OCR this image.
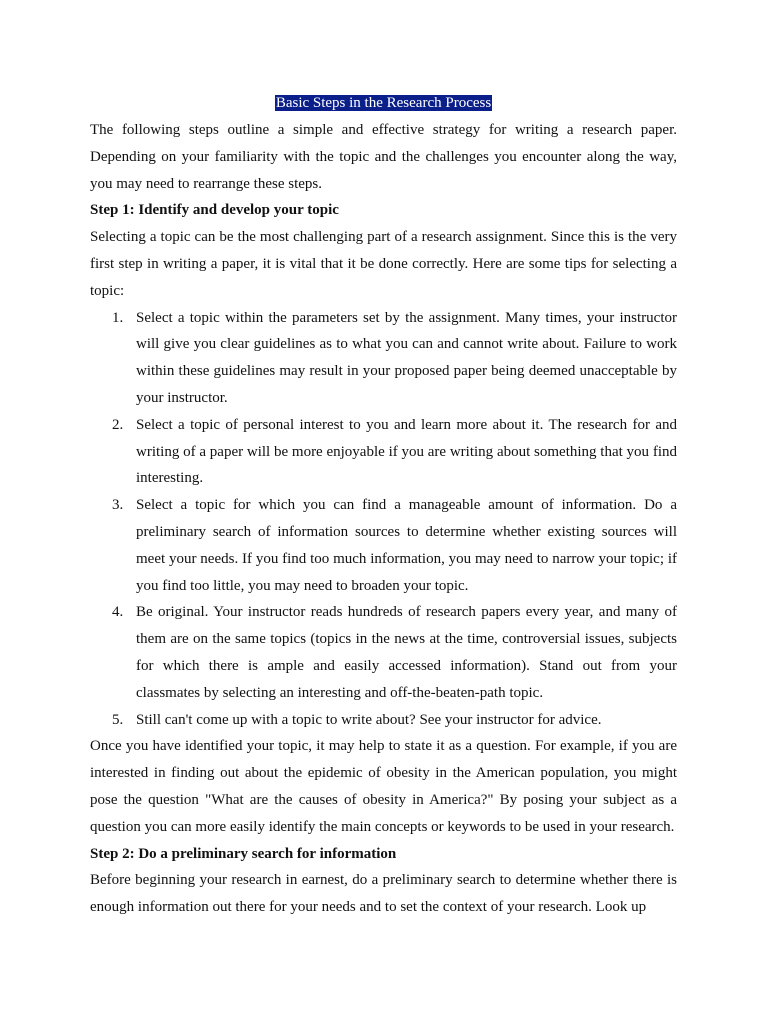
Basic Steps in the Research Process

The following steps outline a simple and effective strategy for writing a research paper. Depending on your familiarity with the topic and the challenges you encounter along the way, you may need to rearrange these steps.

Step 1: Identify and develop your topic

Selecting a topic can be the most challenging part of a research assignment. Since this is the very first step in writing a paper, it is vital that it be done correctly. Here are some tips for selecting a topic:

1. Select a topic within the parameters set by the assignment. Many times, your instructor will give you clear guidelines as to what you can and cannot write about. Failure to work within these guidelines may result in your proposed paper being deemed unacceptable by your instructor.
2. Select a topic of personal interest to you and learn more about it. The research for and writing of a paper will be more enjoyable if you are writing about something that you find interesting.
3. Select a topic for which you can find a manageable amount of information. Do a preliminary search of information sources to determine whether existing sources will meet your needs. If you find too much information, you may need to narrow your topic; if you find too little, you may need to broaden your topic.
4. Be original. Your instructor reads hundreds of research papers every year, and many of them are on the same topics (topics in the news at the time, controversial issues, subjects for which there is ample and easily accessed information). Stand out from your classmates by selecting an interesting and off-the-beaten-path topic.
5. Still can't come up with a topic to write about? See your instructor for advice.

Once you have identified your topic, it may help to state it as a question. For example, if you are interested in finding out about the epidemic of obesity in the American population, you might pose the question "What are the causes of obesity in America?" By posing your subject as a question you can more easily identify the main concepts or keywords to be used in your research.

Step 2: Do a preliminary search for information

Before beginning your research in earnest, do a preliminary search to determine whether there is enough information out there for your needs and to set the context of your research. Look up
